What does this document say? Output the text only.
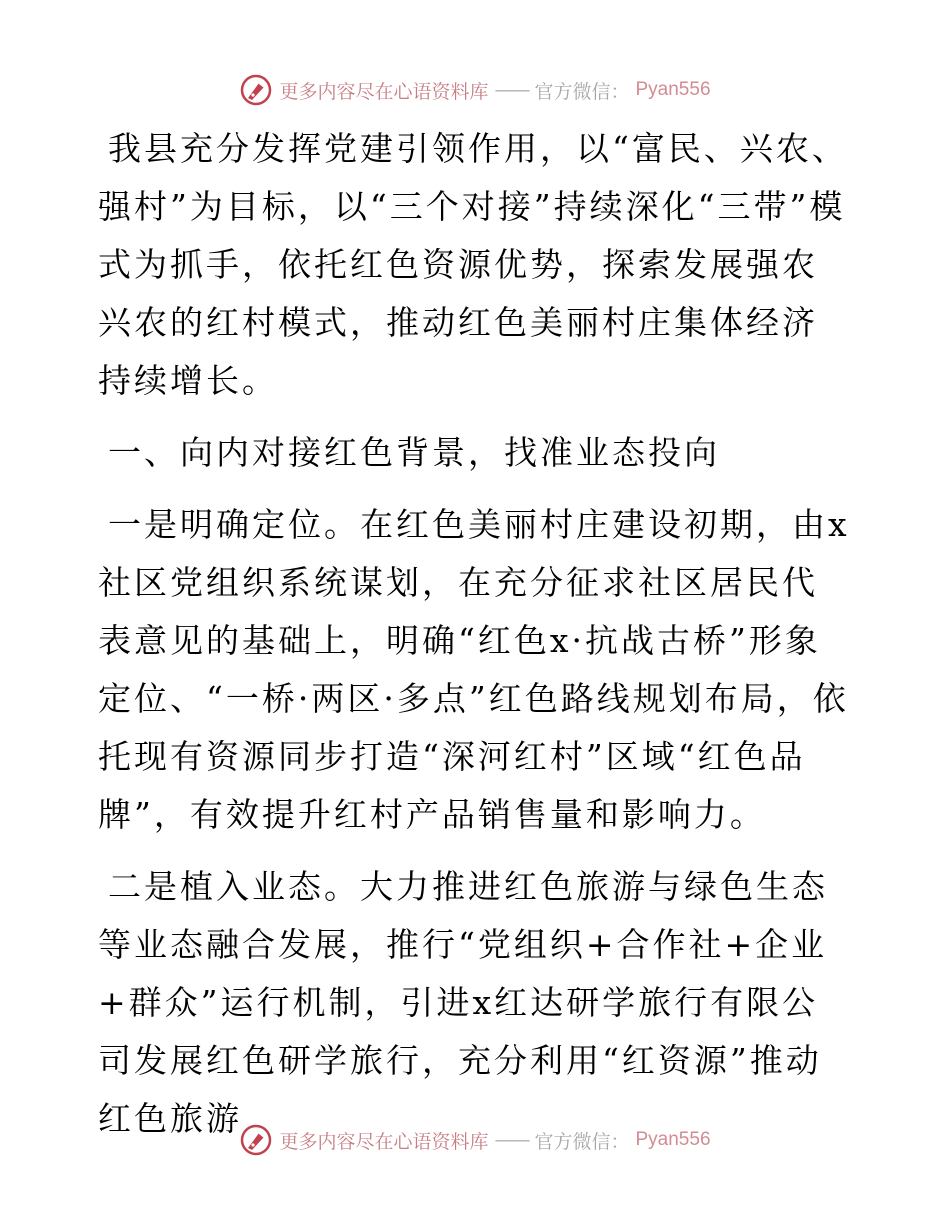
更多内容尽在心语资料库 —— 官方微信： Pyan556

我县充分发挥党建引领作用，以“富民、兴农、强村”为目标，以“三个对接”持续深化“三带”模式为抓手，依托红色资源优势，探索发展强农兴农的红村模式，推动红色美丽村庄集体经济持续增长。

一、向内对接红色背景，找准业态投向

一是明确定位。在红色美丽村庄建设初期，由x社区党组织系统谋划，在充分征求社区居民代表意见的基础上，明确“红色x·抗战古桥”形象定位、“一桥·两区·多点”红色路线规划布局，依托现有资源同步打造“深河红村”区域“红色品牌”，有效提升红村产品销售量和影响力。

二是植入业态。大力推进红色旅游与绿色生态等业态融合发展，推行“党组织+合作社+企业+群众”运行机制，引进x红达研学旅行有限公司发展红色研学旅行，充分利用“红资源”推动红色旅游

更多内容尽在心语资料库 —— 官方微信： Pyan556
